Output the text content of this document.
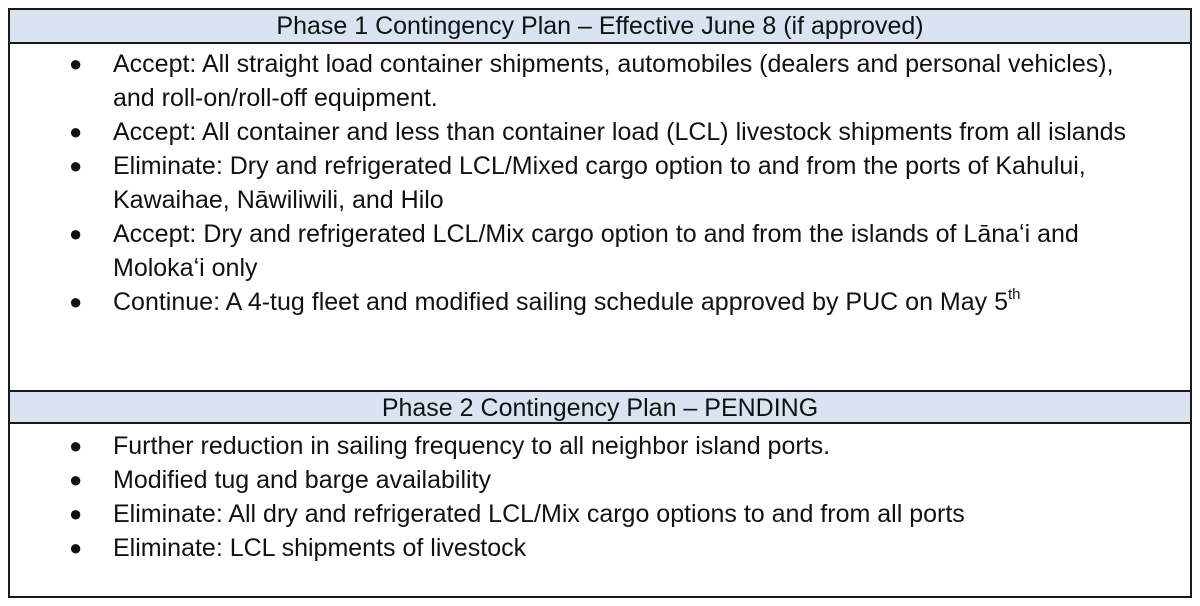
Phase 1 Contingency Plan – Effective June 8 (if approved)
● Accept: All straight load container shipments, automobiles (dealers and personal vehicles), and roll-on/roll-off equipment.
● Accept: All container and less than container load (LCL) livestock shipments from all islands
● Eliminate: Dry and refrigerated LCL/Mixed cargo option to and from the ports of Kahului, Kawaihae, Nāwiliwili, and Hilo
● Accept: Dry and refrigerated LCL/Mix cargo option to and from the islands of Lānaʻi and Molokaʻi only
● Continue: A 4-tug fleet and modified sailing schedule approved by PUC on May 5th
Phase 2 Contingency Plan – PENDING
● Further reduction in sailing frequency to all neighbor island ports.
● Modified tug and barge availability
● Eliminate: All dry and refrigerated LCL/Mix cargo options to and from all ports
● Eliminate: LCL shipments of livestock
